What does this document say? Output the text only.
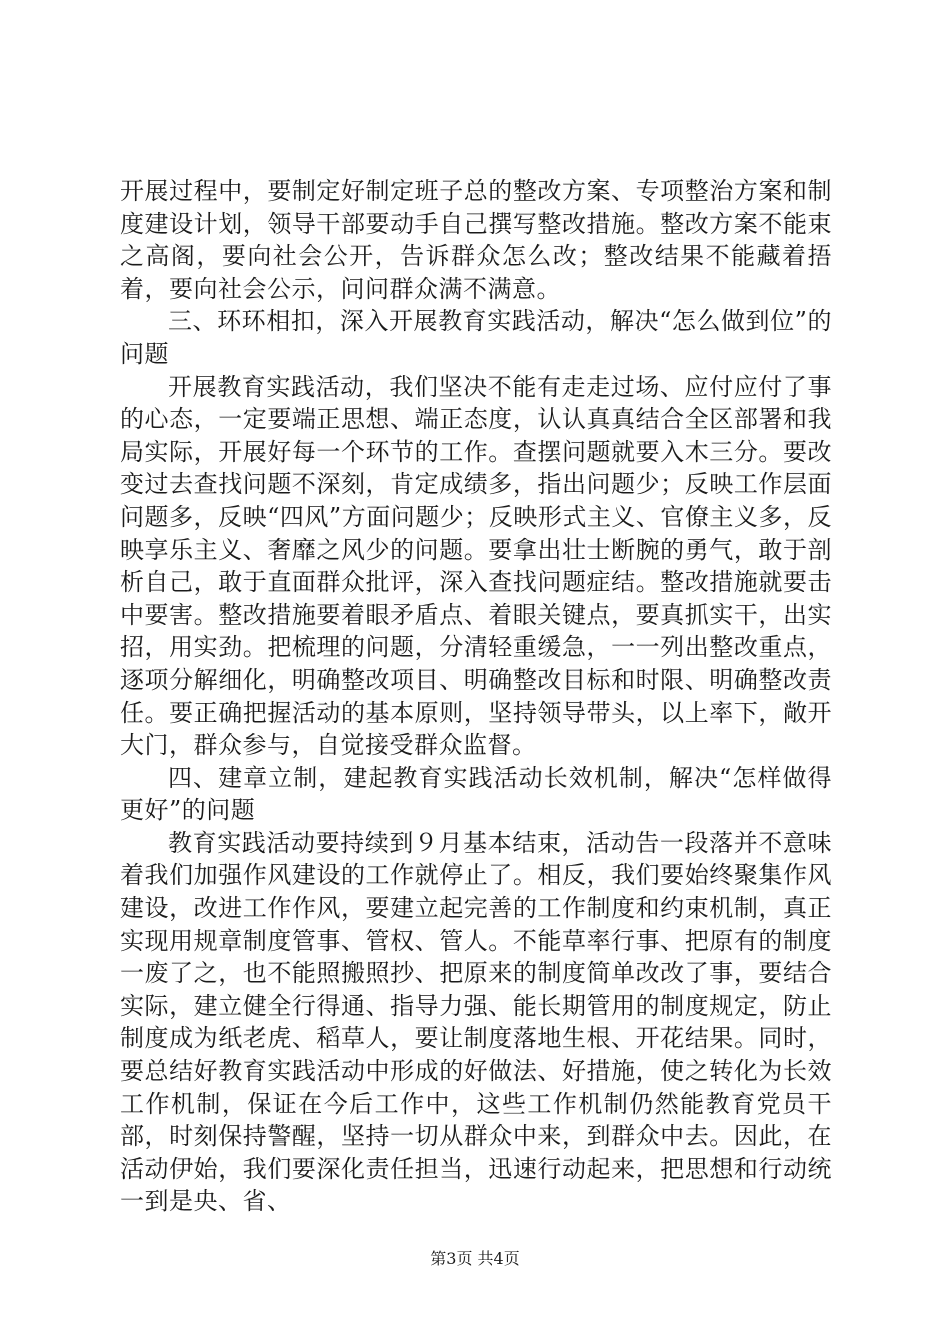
开展过程中，要制定好制定班子总的整改方案、专项整治方案和制度建设计划，领导干部要动手自己撰写整改措施。整改方案不能束之高阁，要向社会公开，告诉群众怎么改；整改结果不能藏着捂着，要向社会公示，问问群众满不满意。

三、环环相扣，深入开展教育实践活动，解决“怎么做到位”的问题

开展教育实践活动，我们坚决不能有走走过场、应付应付了事的心态，一定要端正思想、端正态度，认认真真结合全区部署和我局实际，开展好每一个环节的工作。查摆问题就要入木三分。要改变过去查找问题不深刻，肯定成绩多，指出问题少；反映工作层面问题多，反映“四风”方面问题少；反映形式主义、官僚主义多，反映享乐主义、奢靡之风少的问题。要拿出壮士断腕的勇气，敢于剖析自己，敢于直面群众批评，深入查找问题症结。整改措施就要击中要害。整改措施要着眼矛盾点、着眼关键点，要真抓实干，出实招，用实劲。把梳理的问题，分清轻重缓急，一一列出整改重点，逐项分解细化，明确整改项目、明确整改目标和时限、明确整改责任。要正确把握活动的基本原则，坚持领导带头，以上率下，敞开大门，群众参与，自觉接受群众监督。

四、建章立制，建起教育实践活动长效机制，解决“怎样做得更好”的问题

教育实践活动要持续到９月基本结束，活动告一段落并不意味着我们加强作风建设的工作就停止了。相反，我们要始终聚集作风建设，改进工作作风，要建立起完善的工作制度和约束机制，真正实现用规章制度管事、管权、管人。不能草率行事、把原有的制度一废了之，也不能照搬照抄、把原来的制度简单改改了事，要结合实际，建立健全行得通、指导力强、能长期管用的制度规定，防止制度成为纸老虎、稻草人，要让制度落地生根、开花结果。同时，要总结好教育实践活动中形成的好做法、好措施，使之转化为长效工作机制，保证在今后工作中，这些工作机制仍然能教育党员干部，时刻保持警醒，坚持一切从群众中来，到群众中去。因此，在活动伊始，我们要深化责任担当，迅速行动起来，把思想和行动统一到是央、省、

第3页 共4页
